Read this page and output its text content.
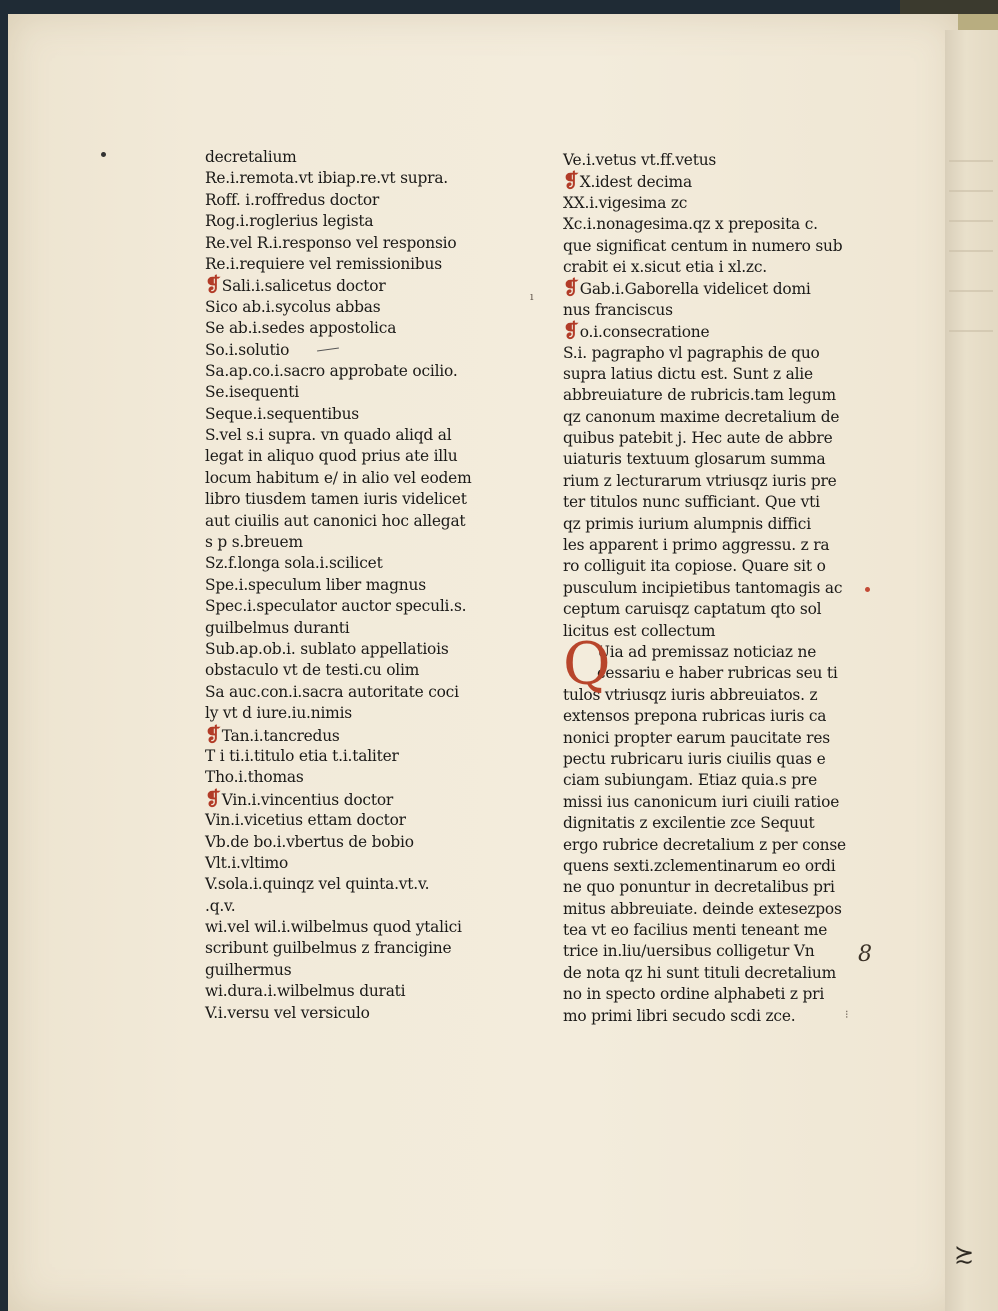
decretalium
Re.i.remota.vt ibiap.re.vt supra.
Roff. i.roffredus doctor
Rog.i.roglerius legista
Re.vel R.i.responso vel responsio
Re.i.requiere vel remissionibus
❡Sali.i.salicetus doctor
Sico ab.i.sycolus abbas
Se ab.i.sedes appostolica
So.i.solutio
Sa.ap.co.i.sacro approbate ocilio.
Se.isequenti
Seque.i.sequentibus
S.vel s.i supra. vn quado aliqd al
legat in aliquo quod prius ate illu
locum habitum e/ in alio vel eodem
libro tiusdem tamen iuris videlicet
aut ciuilis aut canonici hoc allegat
s p s.breuem
Sz.f.longa sola.i.scilicet
Spe.i.speculum liber magnus
Spec.i.speculator auctor speculi.s.
guilbelmus duranti
Sub.ap.ob.i. sublato appellatiois
obstaculo vt de testi.cu olim
Sa auc.con.i.sacra autoritate coci
ly vt d iure.iu.nimis
❡Tan.i.tancredus
T i ti.i.titulo etia t.i.taliter
Tho.i.thomas
❡Vin.i.vincentius doctor
Vin.i.vicetius ettam doctor
Vb.de bo.i.vbertus de bobio
Vlt.i.vltimo
V.sola.i.quinqz vel quinta.vt.v.
.q.v.
wi.vel wil.i.wilbelmus quod ytalici
scribunt guilbelmus z francigine
guilhermus
wi.dura.i.wilbelmus durati
V.i.versu vel versiculo
Ve.i.vetus vt.ff.vetus
❡X.idest decima
XX.i.vigesima zc
Xc.i.nonagesima.qz x preposita c.
que significat centum in numero sub
crabit ei x.sicut etia i xl.zc.
❡Gab.i.Gaborella videlicet domi
nus franciscus
❡o.i.consecratione
S.i. pagrapho vl pagraphis de quo
supra latius dictu est. Sunt z alie
abbreuiature de rubricis.tam legum
qz canonum maxime decretalium de
quibus patebit j. Hec aute de abbre
uiaturis textuum glosarum summa
rium z lecturarum vtriusqz iuris pre
ter titulos nunc sufficiant. Que vti
qz primis iurium alumpnis diffici
les apparent i primo aggressu. z ra
ro colliguit ita copiose. Quare sit o
pusculum incipietibus tantomagis ac
ceptum caruisqz captatum qto sol
licitus est collectum
Uia ad premissaz noticiaz ne
cessariu e haber rubricas seu ti
tulos vtriusqz iuris abbreuiatos. z
extensos prepona rubricas iuris ca
nonici propter earum paucitate res
pectu rubricaru iuris ciuilis quas e
ciam subiungam. Etiaz quia.s pre
missi ius canonicum iuri ciuili ratioe
dignitatis z excilentie zce Sequut
ergo rubrice decretalium z per conse
quens sexti.zclementinarum eo ordi
ne quo ponuntur in decretalibus pri
mitus abbreuiate. deinde extesezpos
tea vt eo facilius menti teneant me
trice in.liu/uersibus colligetur Vn
de nota qz hi sunt tituli decretalium
no in specto ordine alphabeti z pri
mo primi libri secudo scdi zce.
Q
8
ı
⁝
≿
